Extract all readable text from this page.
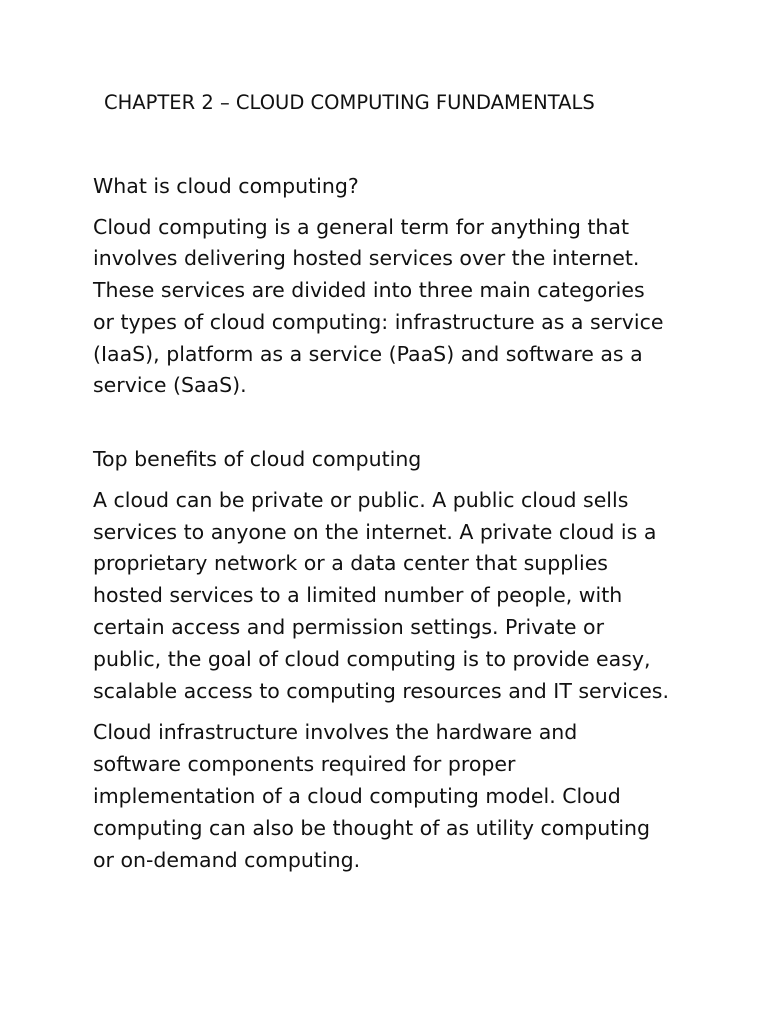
CHAPTER 2 – CLOUD COMPUTING FUNDAMENTALS
What is cloud computing?

Cloud computing is a general term for anything that
involves delivering hosted services over the internet.
These services are divided into three main categories
or types of cloud computing: infrastructure as a service
(IaaS), platform as a service (PaaS) and software as a
service (SaaS).

Top benefits of cloud computing

A cloud can be private or public. A public cloud sells
services to anyone on the internet. A private cloud is a
proprietary network or a data center that supplies
hosted services to a limited number of people, with
certain access and permission settings. Private or
public, the goal of cloud computing is to provide easy,
scalable access to computing resources and IT services.

Cloud infrastructure involves the hardware and
software components required for proper
implementation of a cloud computing model. Cloud
computing can also be thought of as utility computing
or on-demand computing.
